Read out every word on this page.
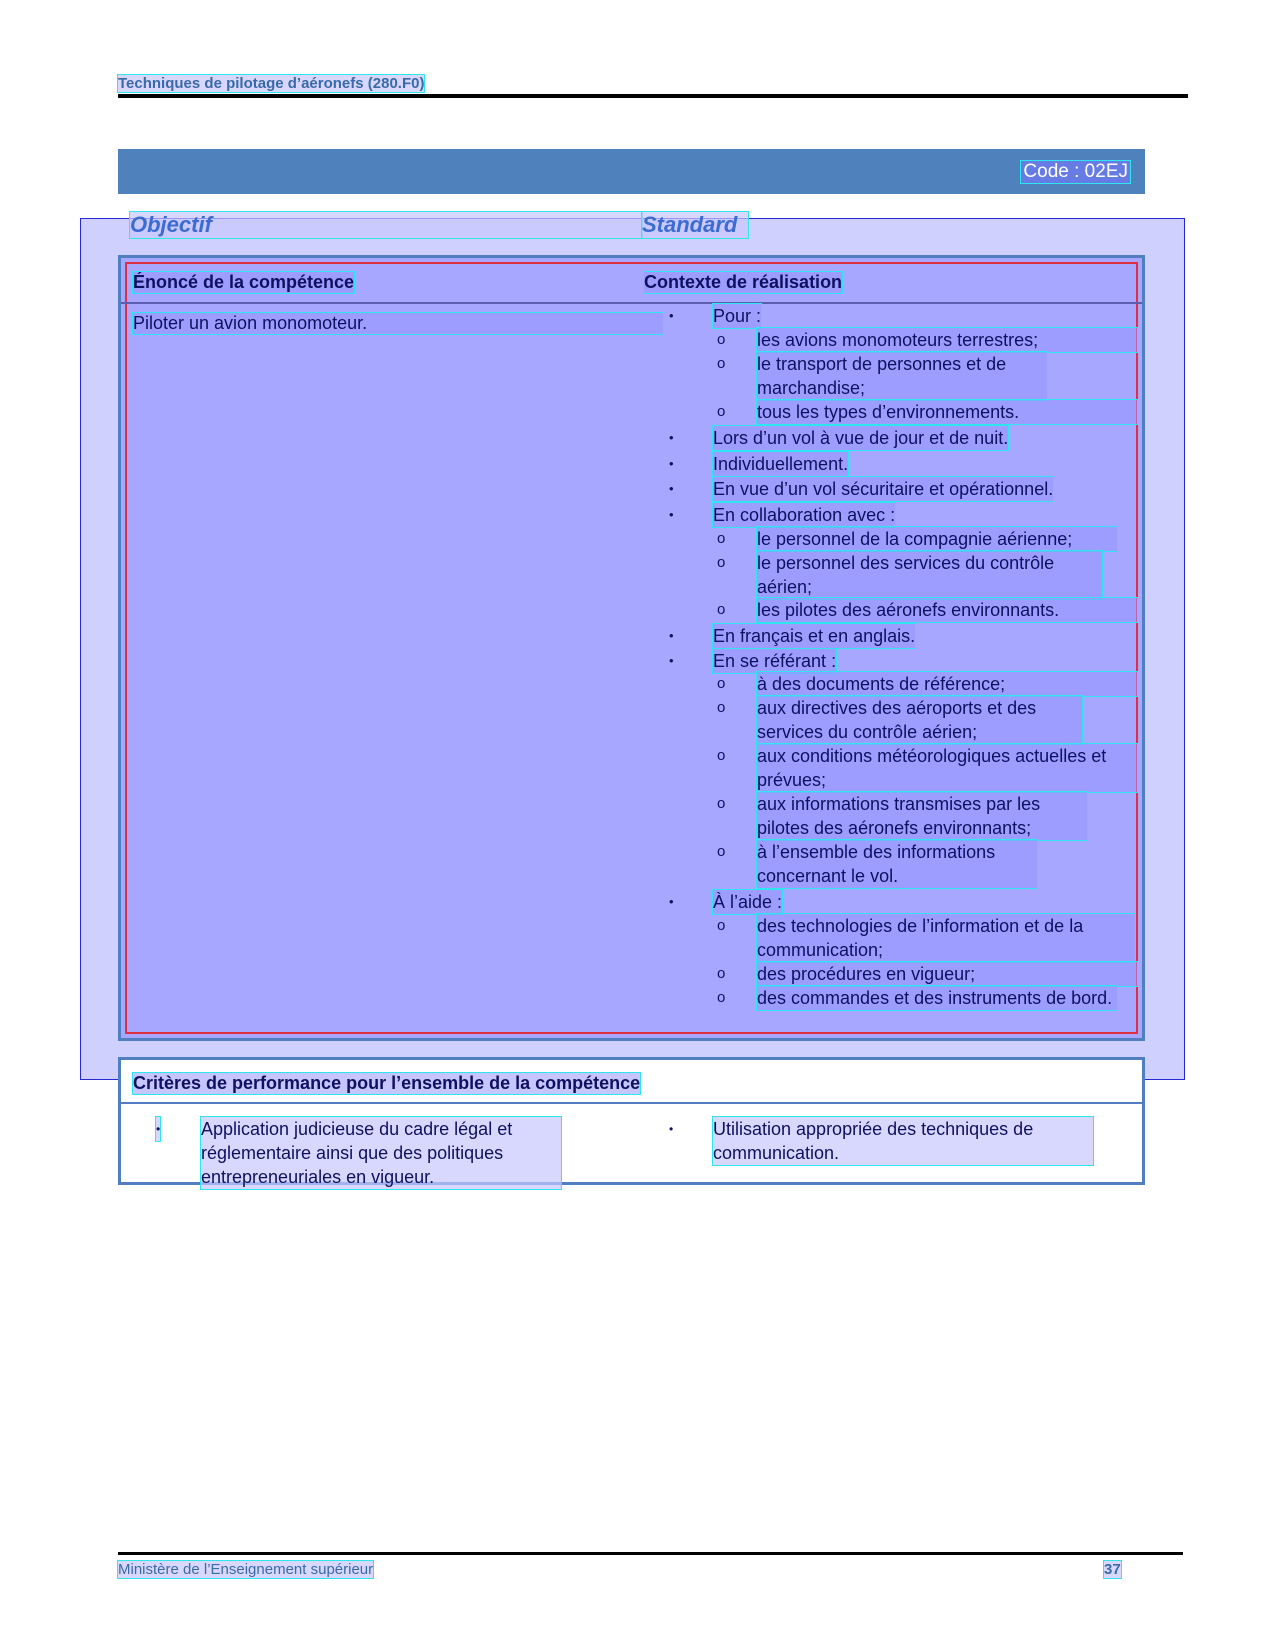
Techniques de pilotage d’aéronefs (280.F0)
Code : 02EJ
Objectif	Standard
Énoncé de la compétence	Contexte de réalisation
Piloter un avion monomoteur.	• Pour :
o les avions monomoteurs terrestres;
o le transport de personnes et de marchandise;
o tous les types d’environnements.
• Lors d’un vol à vue de jour et de nuit.
• Individuellement.
• En vue d’un vol sécuritaire et opérationnel.
• En collaboration avec :
o le personnel de la compagnie aérienne;
o le personnel des services du contrôle aérien;
o les pilotes des aéronefs environnants.
• En français et en anglais.
• En se référant :
o à des documents de référence;
o aux directives des aéroports et des services du contrôle aérien;
o aux conditions météorologiques actuelles et prévues;
o aux informations transmises par les pilotes des aéronefs environnants;
o à l’ensemble des informations concernant le vol.
• À l’aide :
o des technologies de l’information et de la communication;
o des procédures en vigueur;
o des commandes et des instruments de bord.
Critères de performance pour l’ensemble de la compétence
• Application judicieuse du cadre légal et réglementaire ainsi que des politiques entrepreneuriales en vigueur.
• Utilisation appropriée des techniques de communication.
Ministère de l’Enseignement supérieur	37
